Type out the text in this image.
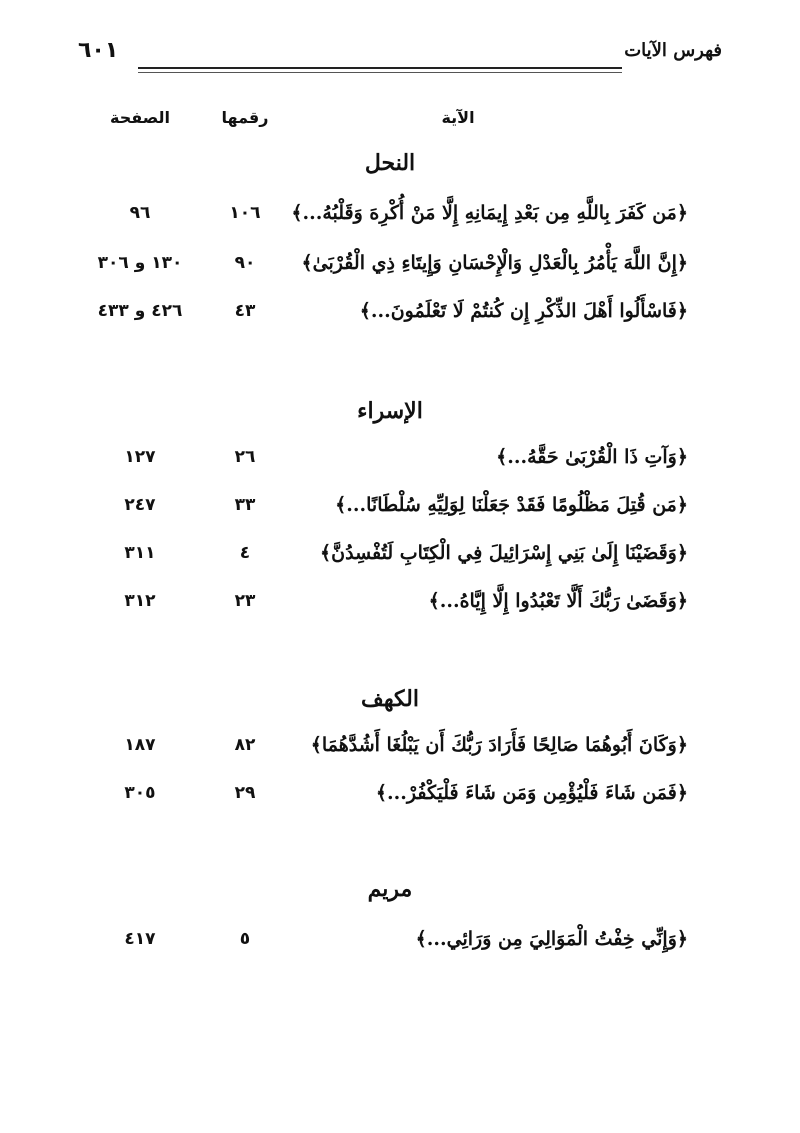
٦٠١	فهرس الآيات
الآية
رقمها
الصفحة
النحل
﴿مَن كَفَرَ بِاللَّهِ مِن بَعْدِ إِيمَانِهِ إِلَّا مَنْ أُكْرِهَ وَقَلْبُهُ...﴾
١٠٦
٩٦
﴿إِنَّ اللَّهَ يَأْمُرُ بِالْعَدْلِ وَالْإِحْسَانِ وَإِيتَاءِ ذِي الْقُرْبَىٰ﴾
٩٠
١٣٠ و ٣٠٦
﴿فَاسْأَلُوا أَهْلَ الذِّكْرِ إِن كُنتُمْ لَا تَعْلَمُونَ...﴾
٤٣
٤٢٦ و ٤٣٣
الإسراء
﴿وَآتِ ذَا الْقُرْبَىٰ حَقَّهُ...﴾
٢٦
١٢٧
﴿مَن قُتِلَ مَظْلُومًا فَقَدْ جَعَلْنَا لِوَلِيِّهِ سُلْطَانًا...﴾
٣٣
٢٤٧
﴿وَقَضَيْنَا إِلَىٰ بَنِي إِسْرَائِيلَ فِي الْكِتَابِ لَتُفْسِدُنَّ﴾
٤
٣١١
﴿وَقَضَىٰ رَبُّكَ أَلَّا تَعْبُدُوا إِلَّا إِيَّاهُ...﴾
٢٣
٣١٢
الكهف
﴿وَكَانَ أَبُوهُمَا صَالِحًا فَأَرَادَ رَبُّكَ أَن يَبْلُغَا أَشُدَّهُمَا﴾
٨٢
١٨٧
﴿فَمَن شَاءَ فَلْيُؤْمِن وَمَن شَاءَ فَلْيَكْفُرْ...﴾
٢٩
٣٠٥
مريم
﴿وَإِنِّي خِفْتُ الْمَوَالِيَ مِن وَرَائِي...﴾
٥
٤١٧
